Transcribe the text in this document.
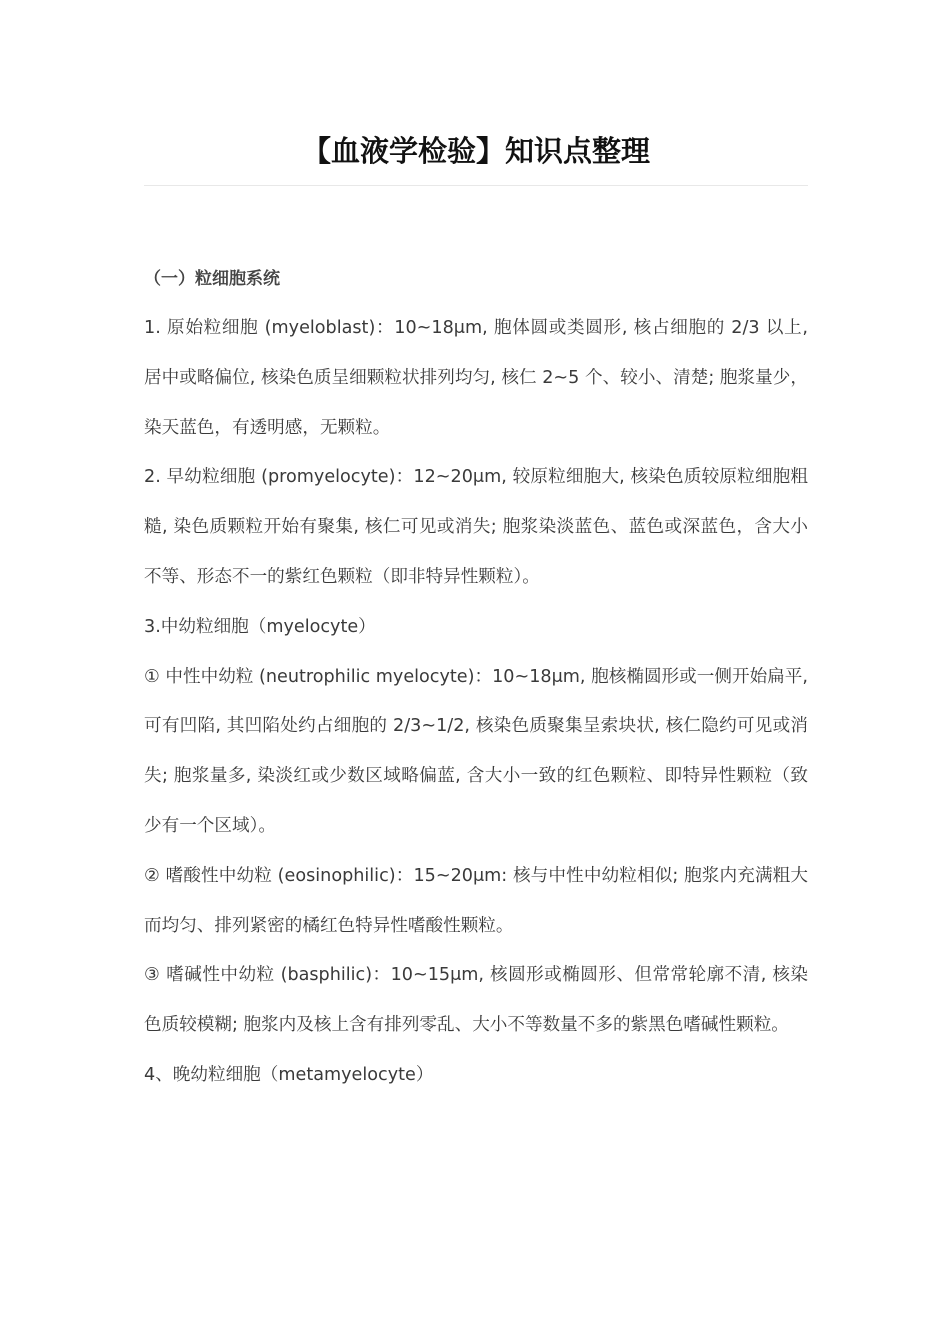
【血液学检验】知识点整理
（一）粒细胞系统

1. 原始粒细胞 (myeloblast)：10~18μm, 胞体圆或类圆形, 核占细胞的 2/3 以上, 居中或略偏位, 核染色质呈细颗粒状排列均匀, 核仁 2~5 个、较小、清楚; 胞浆量少，染天蓝色，有透明感，无颗粒。

2. 早幼粒细胞 (promyelocyte)：12~20μm, 较原粒细胞大, 核染色质较原粒细胞粗糙, 染色质颗粒开始有聚集, 核仁可见或消失; 胞浆染淡蓝色、蓝色或深蓝色，含大小不等、形态不一的紫红色颗粒（即非特异性颗粒）。

3.中幼粒细胞（myelocyte）

① 中性中幼粒 (neutrophilic myelocyte)：10~18μm, 胞核椭圆形或一侧开始扁平, 可有凹陷, 其凹陷处约占细胞的 2/3~1/2, 核染色质聚集呈索块状, 核仁隐约可见或消失; 胞浆量多, 染淡红或少数区域略偏蓝, 含大小一致的红色颗粒、即特异性颗粒（致少有一个区域）。

② 嗜酸性中幼粒 (eosinophilic)：15~20μm: 核与中性中幼粒相似; 胞浆内充满粗大而均匀、排列紧密的橘红色特异性嗜酸性颗粒。

③ 嗜碱性中幼粒 (basphilic)：10~15μm, 核圆形或椭圆形、但常常轮廓不清, 核染色质较模糊; 胞浆内及核上含有排列零乱、大小不等数量不多的紫黑色嗜碱性颗粒。

4、晚幼粒细胞（metamyelocyte）
